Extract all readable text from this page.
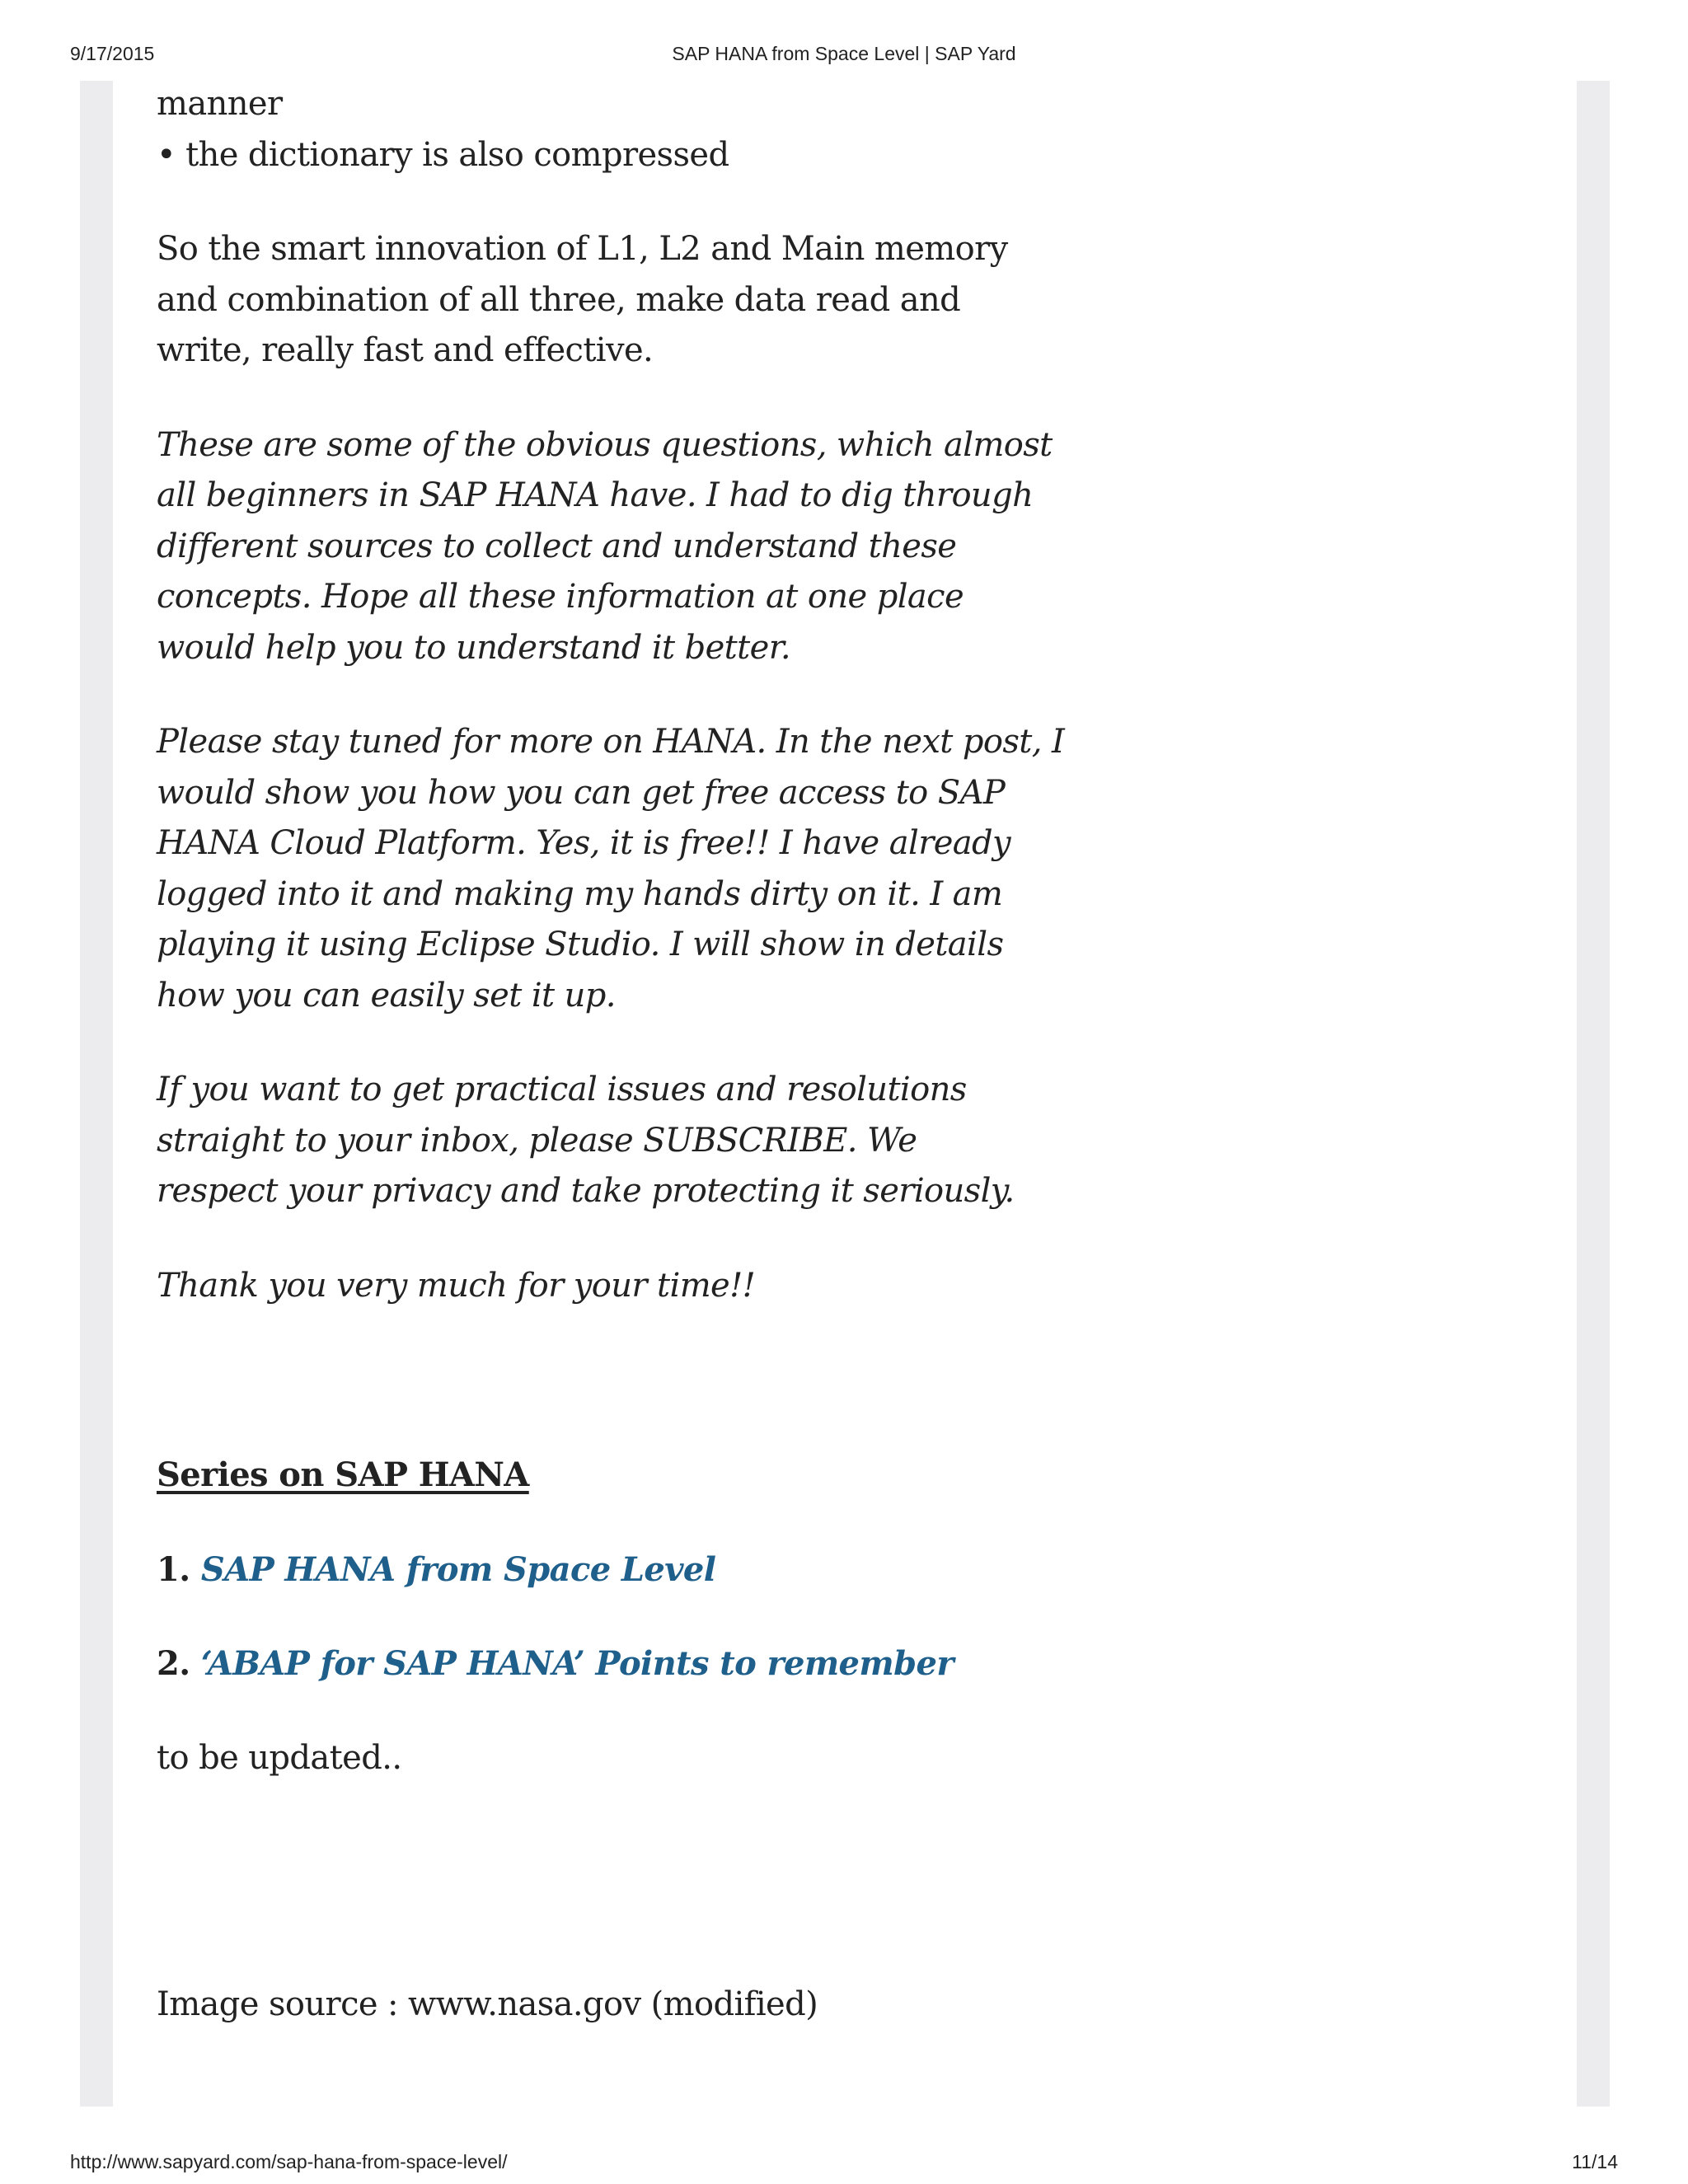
9/17/2015	SAP HANA from Space Level | SAP Yard

manner

• the dictionary is also compressed

So the smart innovation of L1, L2 and Main memory and combination of all three, make data read and write, really fast and effective.

These are some of the obvious questions, which almost all beginners in SAP HANA have. I had to dig through different sources to collect and understand these concepts. Hope all these information at one place would help you to understand it better.

Please stay tuned for more on HANA. In the next post, I would show you how you can get free access to SAP HANA Cloud Platform. Yes, it is free!! I have already logged into it and making my hands dirty on it. I am playing it using Eclipse Studio. I will show in details how you can easily set it up.

If you want to get practical issues and resolutions straight to your inbox, please SUBSCRIBE. We respect your privacy and take protecting it seriously.

Thank you very much for your time!!

Series on SAP HANA

1. SAP HANA from Space Level

2. ‘ABAP for SAP HANA’ Points to remember

to be updated..

Image source : www.nasa.gov (modified)

http://www.sapyard.com/sap-hana-from-space-level/	11/14
